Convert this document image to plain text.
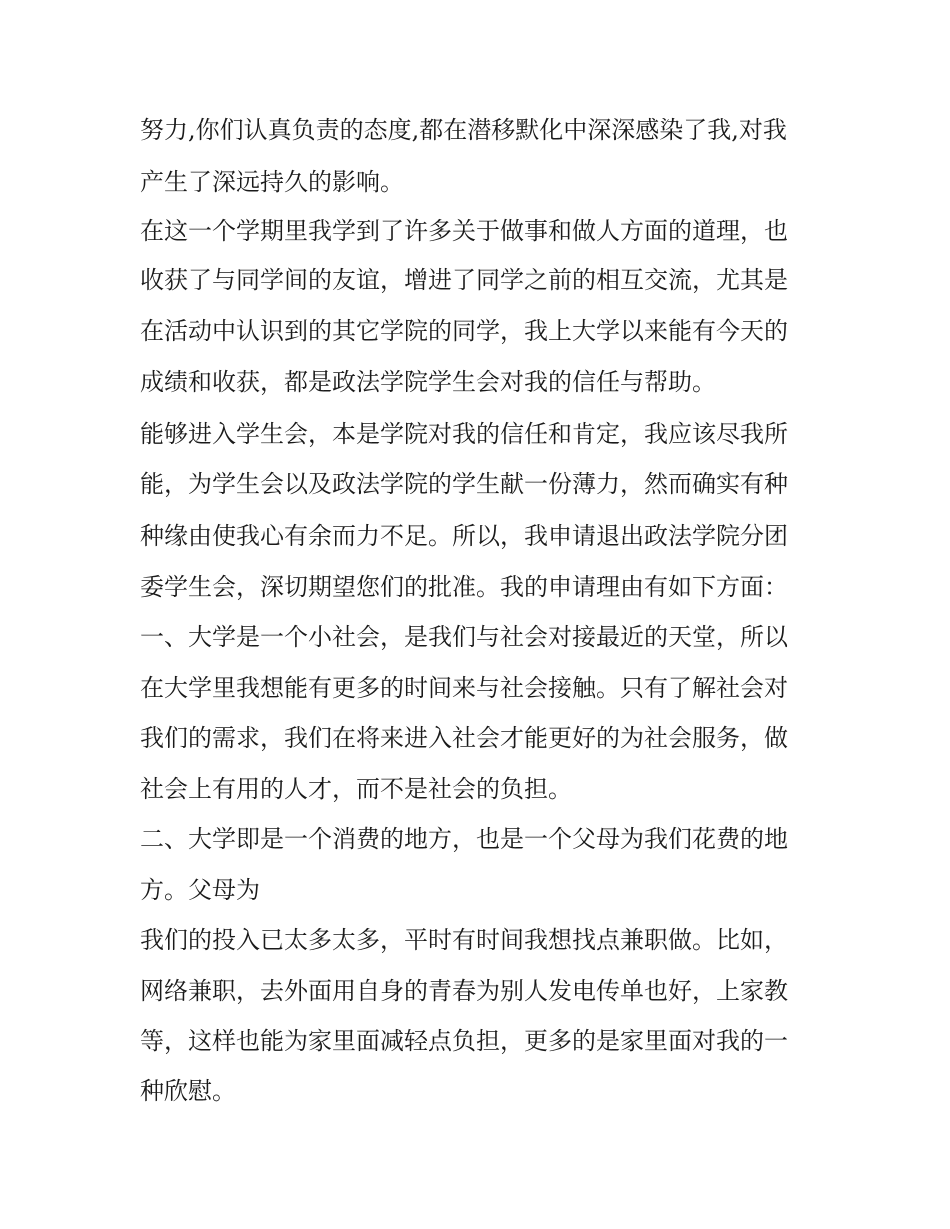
努力,你们认真负责的态度,都在潜移默化中深深感染了我,对我
产生了深远持久的影响。
在这一个学期里我学到了许多关于做事和做人方面的道理，也
收获了与同学间的友谊，增进了同学之前的相互交流，尤其是
在活动中认识到的其它学院的同学，我上大学以来能有今天的
成绩和收获，都是政法学院学生会对我的信任与帮助。
能够进入学生会，本是学院对我的信任和肯定，我应该尽我所
能，为学生会以及政法学院的学生献一份薄力，然而确实有种
种缘由使我心有余而力不足。所以，我申请退出政法学院分团
委学生会，深切期望您们的批准。我的申请理由有如下方面：
一、大学是一个小社会，是我们与社会对接最近的天堂，所以
在大学里我想能有更多的时间来与社会接触。只有了解社会对
我们的需求，我们在将来进入社会才能更好的为社会服务，做
社会上有用的人才，而不是社会的负担。
二、大学即是一个消费的地方，也是一个父母为我们花费的地
方。父母为
我们的投入已太多太多，平时有时间我想找点兼职做。比如，
网络兼职，去外面用自身的青春为别人发电传单也好，上家教
等，这样也能为家里面减轻点负担，更多的是家里面对我的一
种欣慰。
